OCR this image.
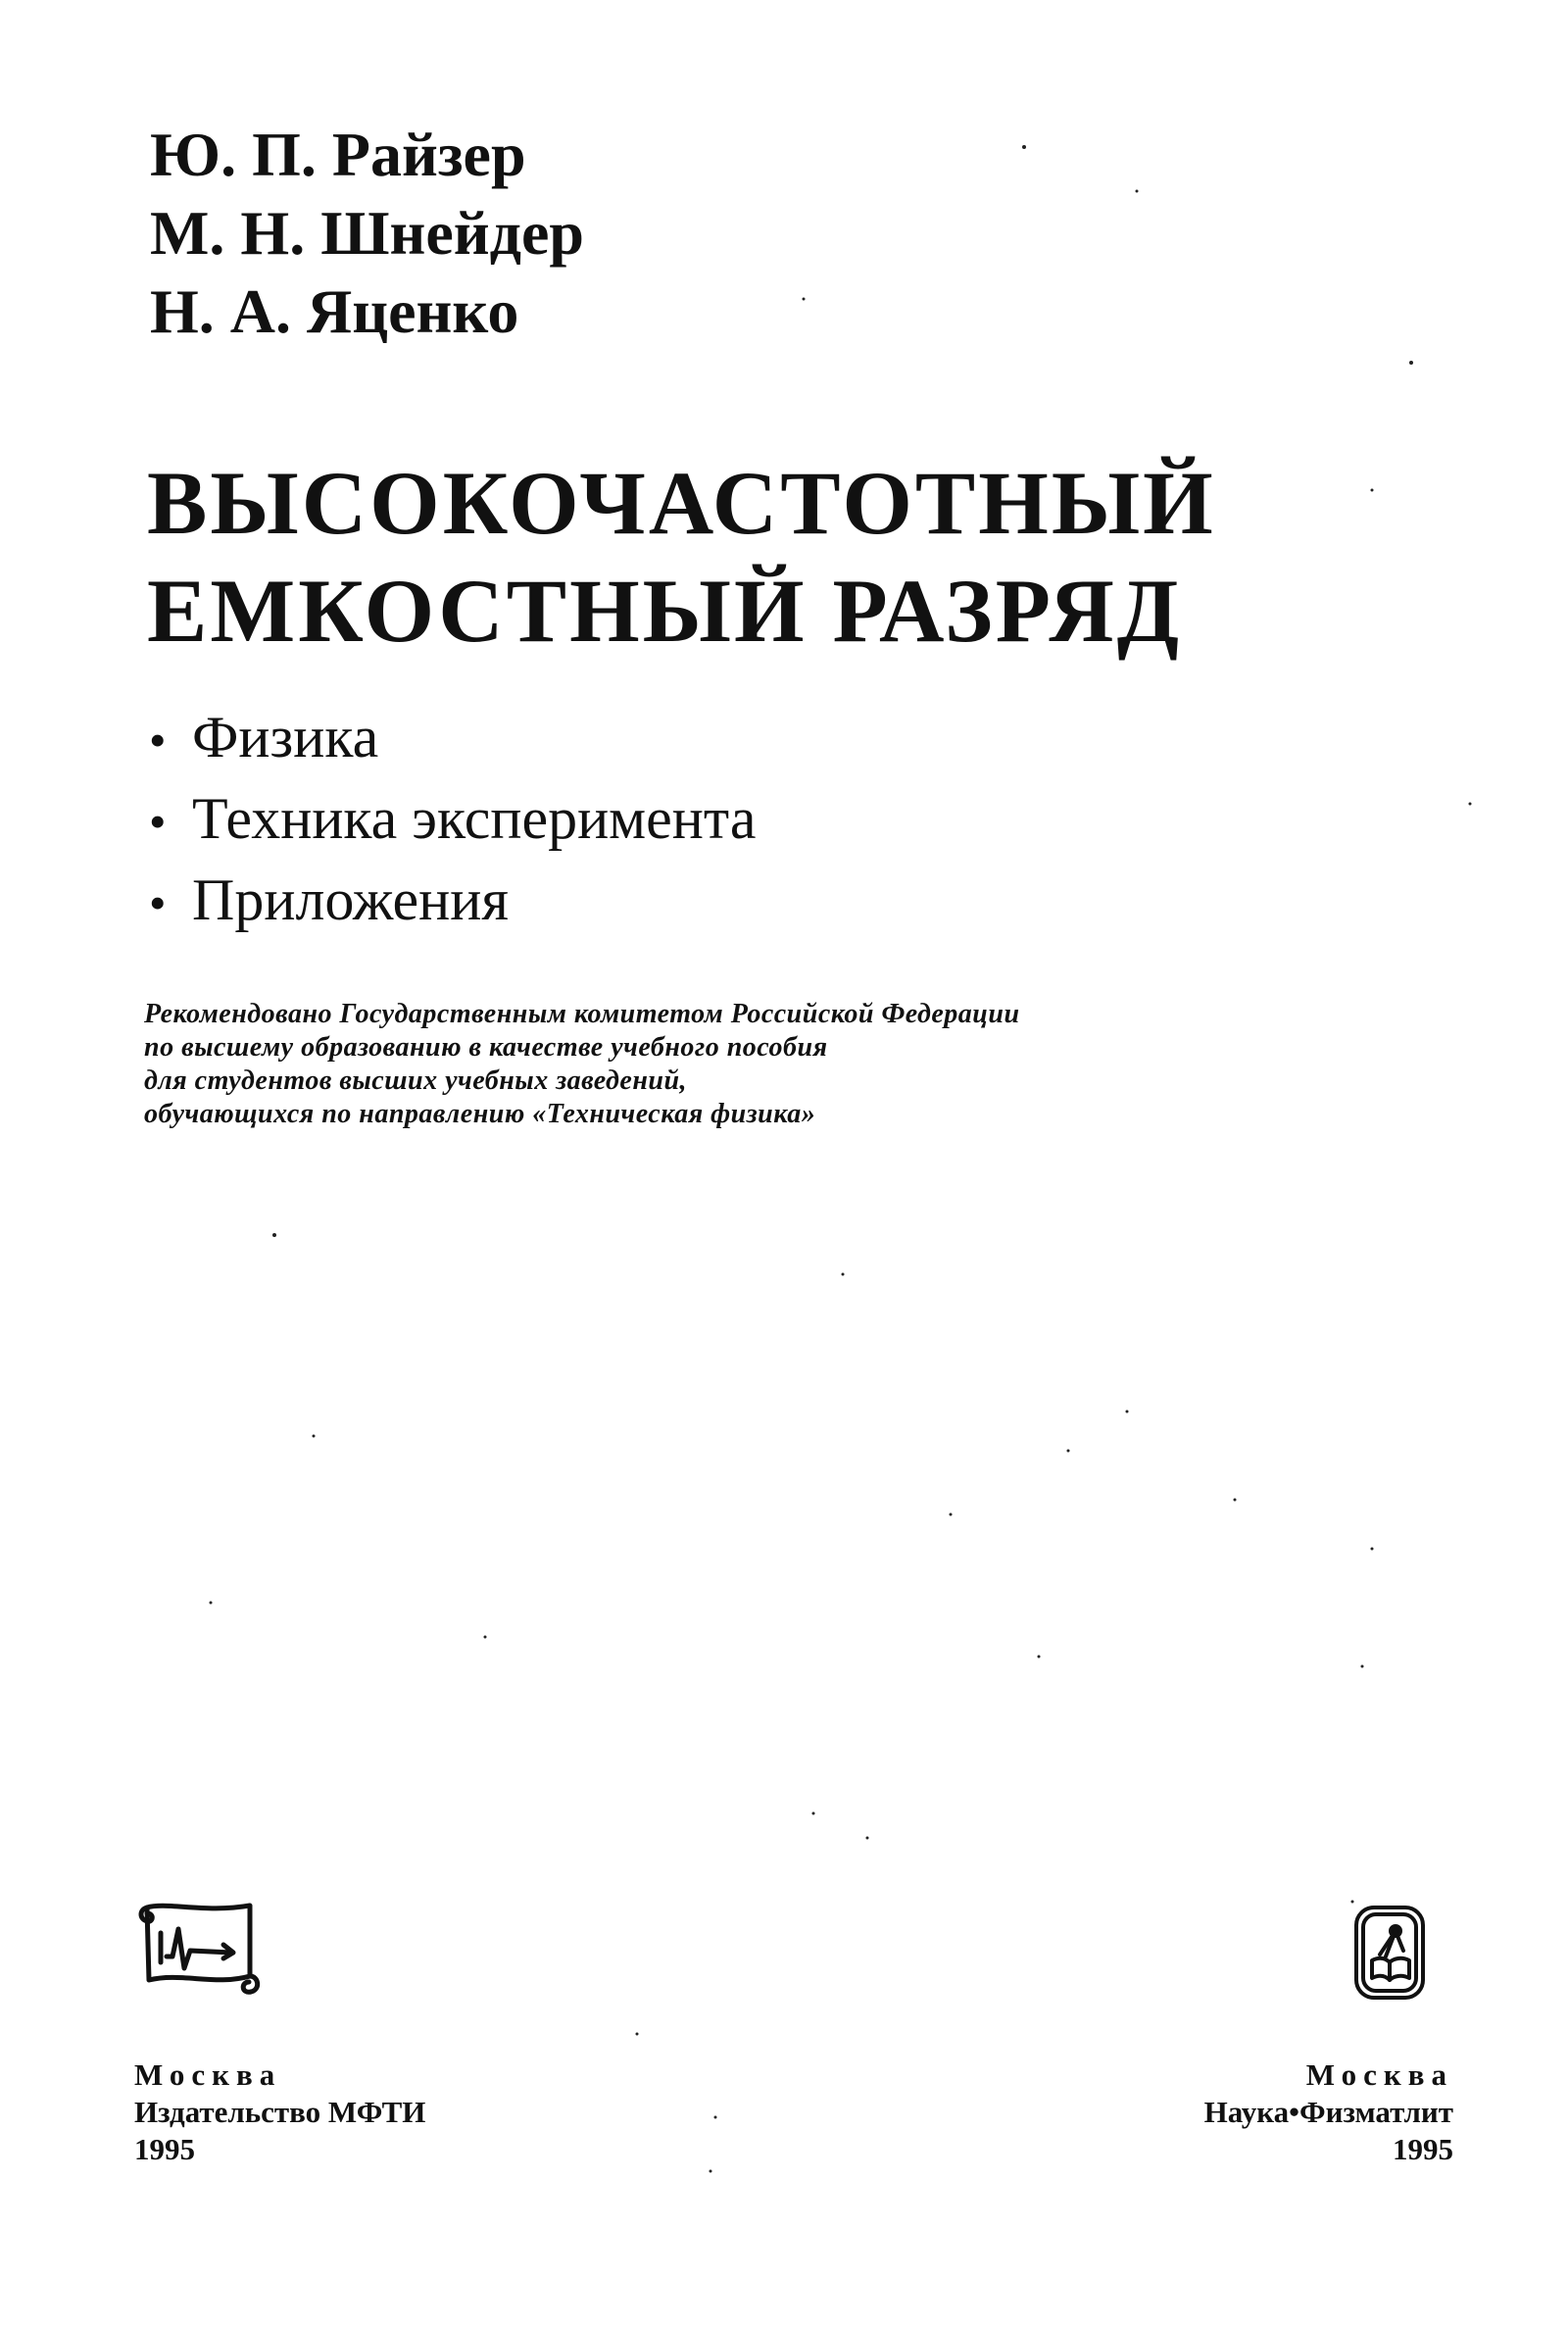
Ю. П. Райзер
М. Н. Шнейдер
Н. А. Яценко
ВЫСОКОЧАСТОТНЫЙ
ЕМКОСТНЫЙ РАЗРЯД
• Физика
• Техника эксперимента
• Приложения

Рекомендовано Государственным комитетом Российской Федерации
по высшему образованию в качестве учебного пособия
для студентов высших учебных заведений,
обучающихся по направлению «Техническая физика»

Москва
Издательство МФТИ
1995
Москва
Наука•Физматлит
1995
